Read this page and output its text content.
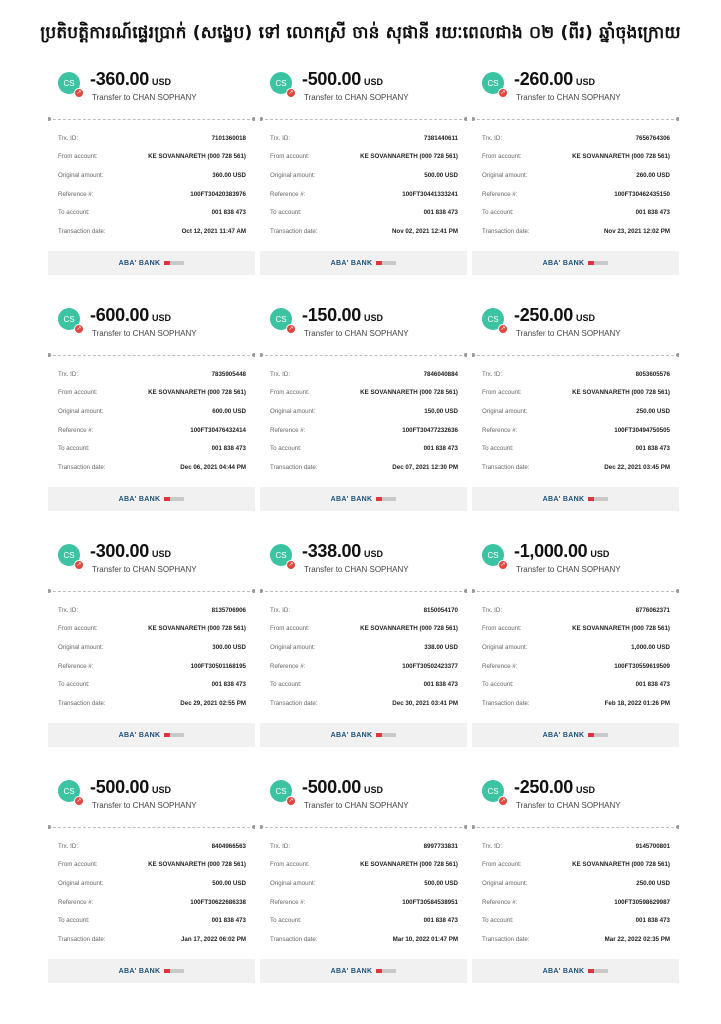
ប្រតិបត្តិការណ៍ផ្ទេរប្រាក់ (សង្ខេប) ទៅ លោកស្រី ចាន់ សុផានី រយៈពេលជាង ០២ (ពីរ) ឆ្នាំចុងក្រោយ
CS
↗
-360.00 USD
Transfer to CHAN SOPHANY
Trx. ID:	7101360018
From account:	KE SOVANNARETH (000 728 561)
Original amount:	360.00 USD
Reference #:	100FT30420383976
To account:	001 838 473
Transaction date:	Oct 12, 2021 11:47 AM
ABA' BANK
CS
↗
-500.00 USD
Transfer to CHAN SOPHANY
Trx. ID:	7381440611
From account:	KE SOVANNARETH (000 728 561)
Original amount:	500.00 USD
Reference #:	100FT30441333241
To account:	001 838 473
Transaction date:	Nov 02, 2021 12:41 PM
ABA' BANK
CS
↗
-260.00 USD
Transfer to CHAN SOPHANY
Trx. ID:	7656764306
From account:	KE SOVANNARETH (000 728 561)
Original amount:	260.00 USD
Reference #:	100FT30462435150
To account:	001 838 473
Transaction date:	Nov 23, 2021 12:02 PM
ABA' BANK
CS
↗
-600.00 USD
Transfer to CHAN SOPHANY
Trx. ID:	7835905448
From account:	KE SOVANNARETH (000 728 561)
Original amount:	600.00 USD
Reference #:	100FT30476432414
To account:	001 838 473
Transaction date:	Dec 06, 2021 04:44 PM
ABA' BANK
CS
↗
-150.00 USD
Transfer to CHAN SOPHANY
Trx. ID:	7846040884
From account:	KE SOVANNARETH (000 728 561)
Original amount:	150.00 USD
Reference #:	100FT30477232636
To account:	001 838 473
Transaction date:	Dec 07, 2021 12:30 PM
ABA' BANK
CS
↗
-250.00 USD
Transfer to CHAN SOPHANY
Trx. ID:	8053605576
From account:	KE SOVANNARETH (000 728 561)
Original amount:	250.00 USD
Reference #:	100FT30494750505
To account:	001 838 473
Transaction date:	Dec 22, 2021 03:45 PM
ABA' BANK
CS
↗
-300.00 USD
Transfer to CHAN SOPHANY
Trx. ID:	8135706906
From account:	KE SOVANNARETH (000 728 561)
Original amount:	300.00 USD
Reference #:	100FT30501168195
To account:	001 838 473
Transaction date:	Dec 29, 2021 02:55 PM
ABA' BANK
CS
↗
-338.00 USD
Transfer to CHAN SOPHANY
Trx. ID:	8150054170
From account:	KE SOVANNARETH (000 728 561)
Original amount:	338.00 USD
Reference #:	100FT30502423377
To account:	001 838 473
Transaction date:	Dec 30, 2021 03:41 PM
ABA' BANK
CS
↗
-1,000.00 USD
Transfer to CHAN SOPHANY
Trx. ID:	8776062371
From account:	KE SOVANNARETH (000 728 561)
Original amount:	1,000.00 USD
Reference #:	100FT30559619509
To account:	001 838 473
Transaction date:	Feb 18, 2022 01:26 PM
ABA' BANK
CS
↗
-500.00 USD
Transfer to CHAN SOPHANY
Trx. ID:	8404966563
From account:	KE SOVANNARETH (000 728 561)
Original amount:	500.00 USD
Reference #:	100FT30622686338
To account:	001 838 473
Transaction date:	Jan 17, 2022 06:02 PM
ABA' BANK
CS
↗
-500.00 USD
Transfer to CHAN SOPHANY
Trx. ID:	8997733831
From account:	KE SOVANNARETH (000 728 561)
Original amount:	500.00 USD
Reference #:	100FT30584538951
To account:	001 838 473
Transaction date:	Mar 10, 2022 01:47 PM
ABA' BANK
CS
↗
-250.00 USD
Transfer to CHAN SOPHANY
Trx. ID:	9145700801
From account:	KE SOVANNARETH (000 728 561)
Original amount:	250.00 USD
Reference #:	100FT30598629987
To account:	001 838 473
Transaction date:	Mar 22, 2022 02:35 PM
ABA' BANK
